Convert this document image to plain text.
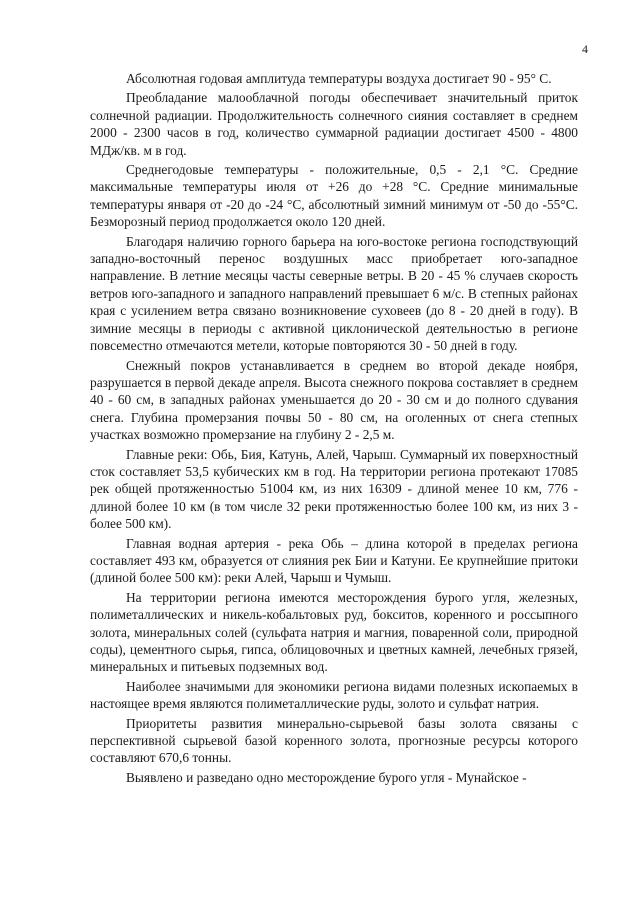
4

Абсолютная годовая амплитуда температуры воздуха достигает 90 - 95° С.

Преобладание малооблачной погоды обеспечивает значительный приток солнечной радиации. Продолжительность солнечного сияния составляет в среднем 2000 - 2300 часов в год, количество суммарной радиации достигает 4500 - 4800 МДж/кв. м в год.

Среднегодовые температуры - положительные, 0,5 - 2,1 °С. Средние максимальные температуры июля от +26 до +28 °С. Средние минимальные температуры января от -20 до -24 °С, абсолютный зимний минимум от -50 до -55°С. Безморозный период продолжается около 120 дней.

Благодаря наличию горного барьера на юго-востоке региона господствующий западно-восточный перенос воздушных масс приобретает юго-западное направление. В летние месяцы часты северные ветры. В 20 - 45 % случаев скорость ветров юго-западного и западного направлений превышает 6 м/с. В степных районах края с усилением ветра связано возникновение суховеев (до 8 - 20 дней в году). В зимние месяцы в периоды с активной циклонической деятельностью в регионе повсеместно отмечаются метели, которые повторяются 30 - 50 дней в году.

Снежный покров устанавливается в среднем во второй декаде ноября, разрушается в первой декаде апреля. Высота снежного покрова составляет в среднем 40 - 60 см, в западных районах уменьшается до 20 - 30 см и до полного сдувания снега. Глубина промерзания почвы 50 - 80 см, на оголенных от снега степных участках возможно промерзание на глубину 2 - 2,5 м.

Главные реки: Обь, Бия, Катунь, Алей, Чарыш. Суммарный их поверхностный сток составляет 53,5 кубических км в год. На территории региона протекают 17085 рек общей протяженностью 51004 км, из них 16309 - длиной менее 10 км, 776 - длиной более 10 км (в том числе 32 реки протяженностью более 100 км, из них 3 - более 500 км).

Главная водная артерия - река Обь – длина которой в пределах региона составляет 493 км, образуется от слияния рек Бии и Катуни. Ее крупнейшие притоки (длиной более 500 км): реки Алей, Чарыш и Чумыш.

На территории региона имеются месторождения бурого угля, железных, полиметаллических и никель-кобальтовых руд, бокситов, коренного и россыпного золота, минеральных солей (сульфата натрия и магния, поваренной соли, природной соды), цементного сырья, гипса, облицовочных и цветных камней, лечебных грязей, минеральных и питьевых подземных вод.

Наиболее значимыми для экономики региона видами полезных ископаемых в настоящее время являются полиметаллические руды, золото и сульфат натрия.

Приоритеты развития минерально-сырьевой базы золота связаны с перспективной сырьевой базой коренного золота, прогнозные ресурсы которого составляют 670,6 тонны.

Выявлено и разведано одно месторождение бурого угля - Мунайское -
